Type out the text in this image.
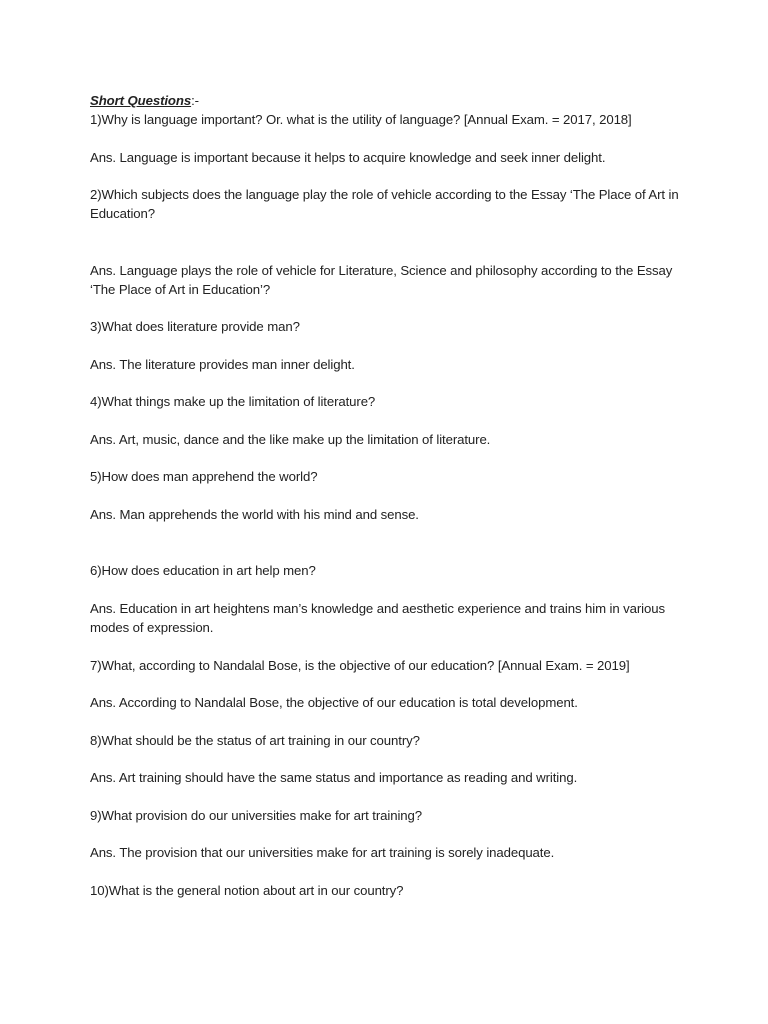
Short Questions:-

1)Why is language important? Or. what is the utility of language? [Annual Exam. = 2017, 2018]

Ans. Language is important because it helps to acquire knowledge and seek inner delight.

2)Which subjects does the language play the role of vehicle according to the Essay ‘The Place of Art in Education?

Ans. Language plays the role of vehicle for Literature, Science and philosophy according to the Essay ‘The Place of Art in Education’?

3)What does literature provide man?

Ans. The literature provides man inner delight.

4)What things make up the limitation of literature?

Ans. Art, music, dance and the like make up the limitation of literature.

5)How does man apprehend the world?

Ans. Man apprehends the world with his mind and sense.

6)How does education in art help men?

Ans. Education in art heightens man’s knowledge and aesthetic experience and trains him in various modes of expression.

7)What, according to Nandalal Bose, is the objective of our education? [Annual Exam. = 2019]

Ans. According to Nandalal Bose, the objective of our education is total development.

8)What should be the status of art training in our country?

Ans. Art training should have the same status and importance as reading and writing.

9)What provision do our universities make for art training?

Ans. The provision that our universities make for art training is sorely inadequate.

10)What is the general notion about art in our country?
